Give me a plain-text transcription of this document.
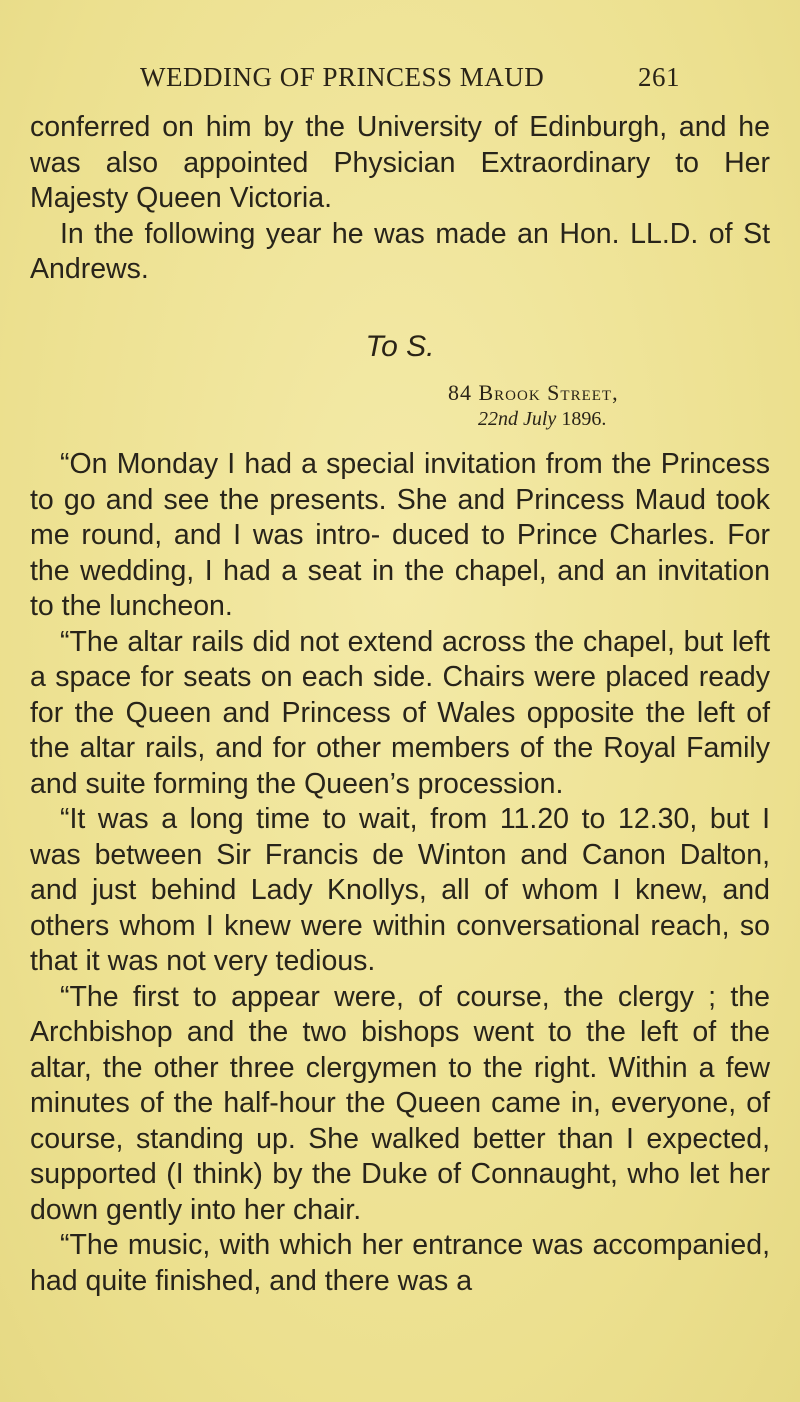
WEDDING OF PRINCESS MAUD	261

conferred on him by the University of Edinburgh, and he was also appointed Physician Extraordinary to Her Majesty Queen Victoria.

In the following year he was made an Hon. LL.D. of St Andrews.

To S.
84 Brook Street,
22nd July 1896.

“On Monday I had a special invitation from the Princess to go and see the presents. She and Princess Maud took me round, and I was intro- duced to Prince Charles. For the wedding, I had a seat in the chapel, and an invitation to the luncheon.

“The altar rails did not extend across the chapel, but left a space for seats on each side. Chairs were placed ready for the Queen and Princess of Wales opposite the left of the altar rails, and for other members of the Royal Family and suite forming the Queen’s procession.

“It was a long time to wait, from 11.20 to 12.30, but I was between Sir Francis de Winton and Canon Dalton, and just behind Lady Knollys, all of whom I knew, and others whom I knew were within conversational reach, so that it was not very tedious.

“The first to appear were, of course, the clergy ; the Archbishop and the two bishops went to the left of the altar, the other three clergymen to the right. Within a few minutes of the half-hour the Queen came in, everyone, of course, standing up. She walked better than I expected, supported (I think) by the Duke of Connaught, who let her down gently into her chair.

“The music, with which her entrance was accompanied, had quite finished, and there was a
